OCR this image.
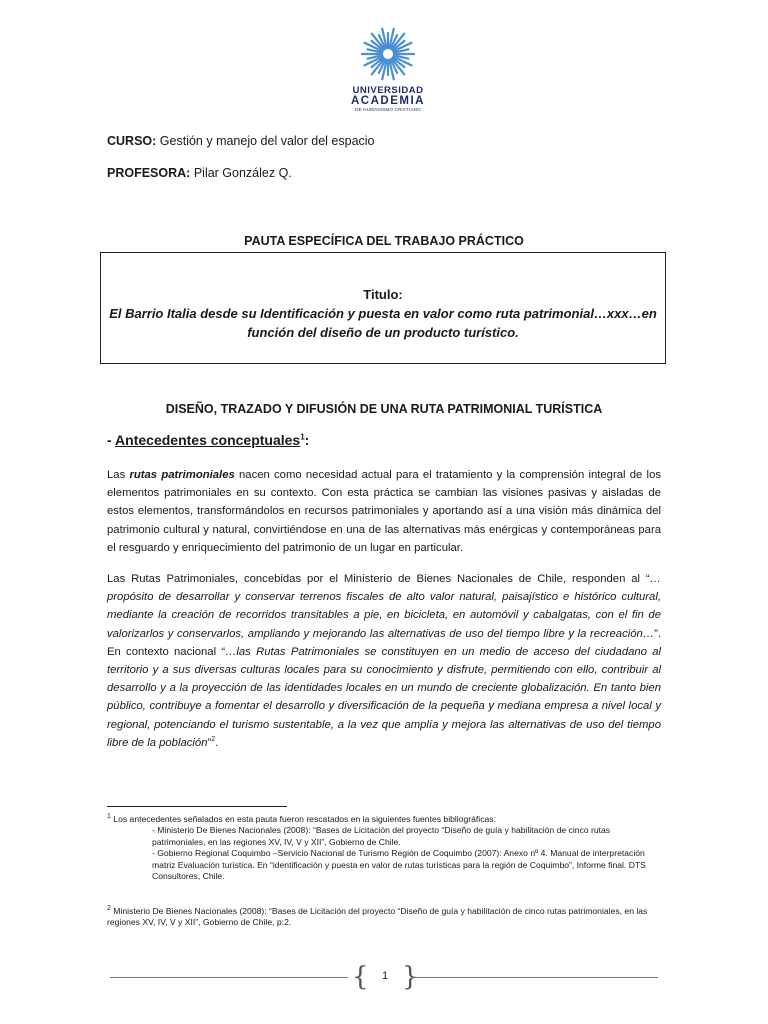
UNIVERSIDAD
ACADEMIA
DE HUMANISMO CRISTIANO
CURSO: Gestión y manejo del valor del espacio
PROFESORA: Pilar González Q.
PAUTA ESPECÍFICA DEL TRABAJO PRÁCTICO
Titulo:
El Barrio Italia desde su Identificación y puesta en valor como ruta patrimonial…xxx…en
función del diseño de un producto turístico.
DISEÑO, TRAZADO Y DIFUSIÓN DE UNA RUTA PATRIMONIAL TURÍSTICA
- Antecedentes conceptuales$^1$:
Las rutas patrimoniales nacen como necesidad actual para el tratamiento y la comprensión integral de los elementos patrimoniales en su contexto. Con esta práctica se cambian las visiones pasivas y aisladas de estos elementos, transformándolos en recursos patrimoniales y aportando así a una visión más dinámica del patrimonio cultural y natural, convirtiéndose en una de las alternativas más enérgicas y contemporáneas para el resguardo y enriquecimiento del patrimonio de un lugar en particular.
Las Rutas Patrimoniales, concebidas por el Ministerio de Bienes Nacionales de Chile, responden al “…propósito de desarrollar y conservar terrenos fiscales de alto valor natural, paisajístico e histórico cultural, mediante la creación de recorridos transitables a pie, en bicicleta, en automóvil y cabalgatas, con el fin de valorizarlos y conservarlos, ampliando y mejorando las alternativas de uso del tiempo libre y la recreación…”. En contexto nacional “…las Rutas Patrimoniales se constituyen en un medio de acceso del ciudadano al territorio y a sus diversas culturas locales para su conocimiento y disfrute, permitiendo con ello, contribuir al desarrollo y a la proyección de las identidades locales en un mundo de creciente globalización. En tanto bien público, contribuye a fomentar el desarrollo y diversificación de la pequeña y mediana empresa a nivel local y regional, potenciando el turismo sustentable, a la vez que amplía y mejora las alternativas de uso del tiempo libre de la población”$^2$.
$^1$ Los antecedentes señalados en esta pauta fueron rescatados en la siguientes fuentes bibliográficas:
- Ministerio De Bienes Nacionales (2008): “Bases de Licitación del proyecto “Diseño de guía y habilitación de cinco rutas patrimoniales, en las regiones XV, IV, V y XII”, Gobierno de Chile.
- Gobierno Regional Coquimbo –Servicio Nacional de Turismo Región de Coquimbo (2007): Anexo nº 4. Manual de interpretación matriz Evaluación turística. En “identificación y puesta en valor de rutas turísticas para la región de Coquimbo”, Informe final. DTS Consultores, Chile.
$^2$ Ministerio De Bienes Nacionales (2008): “Bases de Licitación del proyecto “Diseño de guía y habilitación de cinco rutas patrimoniales, en las regiones XV, IV, V y XII”, Gobierno de Chile, p:2.
{	1 }
